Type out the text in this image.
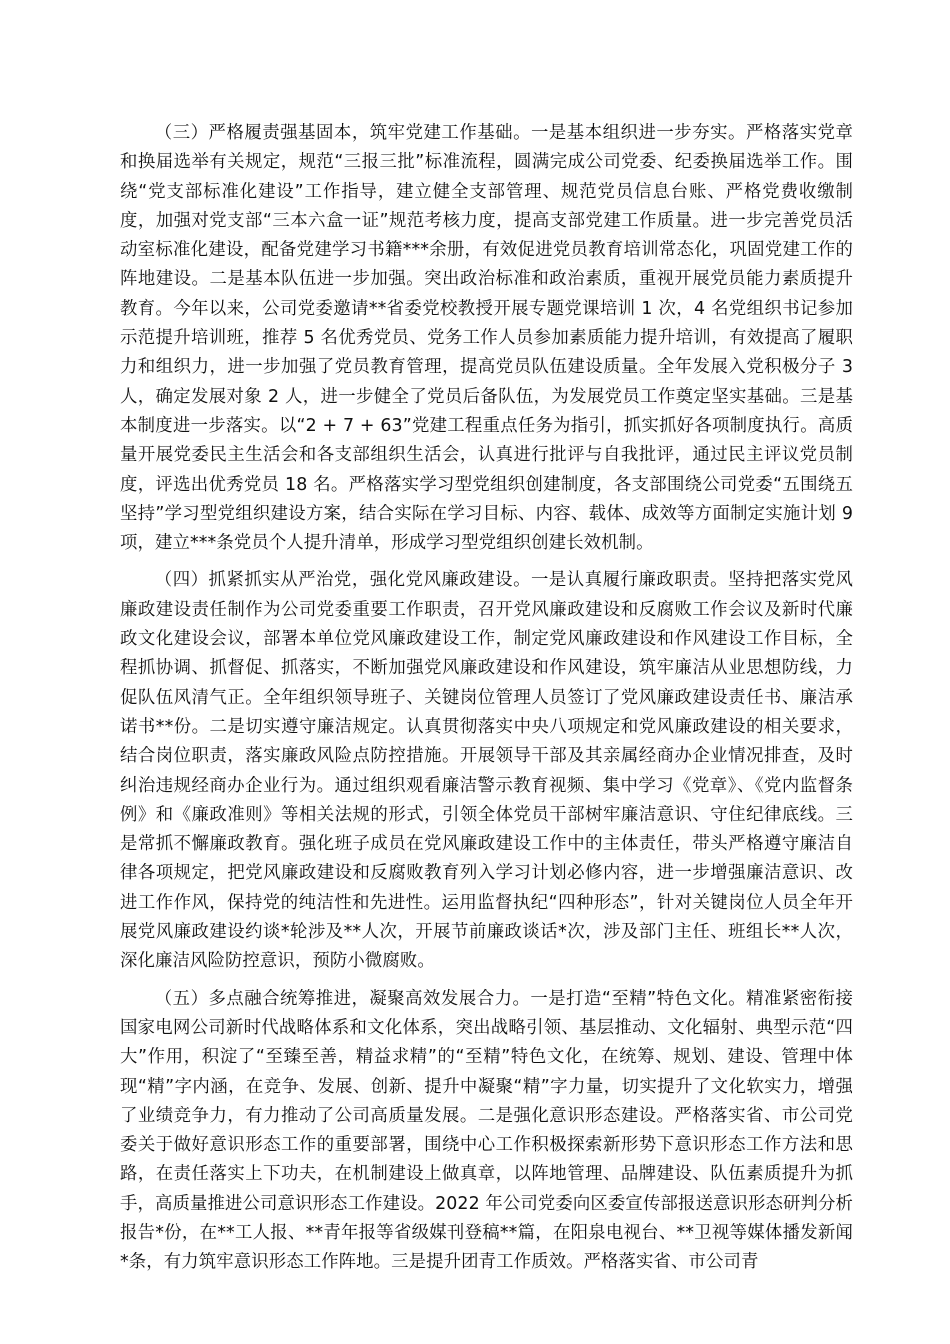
（三）严格履责强基固本，筑牢党建工作基础。一是基本组织进一步夯实。严格落实党章和换届选举有关规定，规范“三报三批”标准流程，圆满完成公司党委、纪委换届选举工作。围绕“党支部标准化建设”工作指导，建立健全支部管理、规范党员信息台账、严格党费收缴制度，加强对党支部“三本六盒一证”规范考核力度，提高支部党建工作质量。进一步完善党员活动室标准化建设，配备党建学习书籍***余册，有效促进党员教育培训常态化，巩固党建工作的阵地建设。二是基本队伍进一步加强。突出政治标准和政治素质，重视开展党员能力素质提升教育。今年以来，公司党委邀请**省委党校教授开展专题党课培训 1 次，4 名党组织书记参加示范提升培训班，推荐 5 名优秀党员、党务工作人员参加素质能力提升培训，有效提高了履职力和组织力，进一步加强了党员教育管理，提高党员队伍建设质量。全年发展入党积极分子 3 人，确定发展对象 2 人，进一步健全了党员后备队伍，为发展党员工作奠定坚实基础。三是基本制度进一步落实。以“2 + 7 + 63”党建工程重点任务为指引，抓实抓好各项制度执行。高质量开展党委民主生活会和各支部组织生活会，认真进行批评与自我批评，通过民主评议党员制度，评选出优秀党员 18 名。严格落实学习型党组织创建制度，各支部围绕公司党委“五围绕五坚持”学习型党组织建设方案，结合实际在学习目标、内容、载体、成效等方面制定实施计划 9 项，建立***条党员个人提升清单，形成学习型党组织创建长效机制。

（四）抓紧抓实从严治党，强化党风廉政建设。一是认真履行廉政职责。坚持把落实党风廉政建设责任制作为公司党委重要工作职责，召开党风廉政建设和反腐败工作会议及新时代廉政文化建设会议，部署本单位党风廉政建设工作，制定党风廉政建设和作风建设工作目标，全程抓协调、抓督促、抓落实，不断加强党风廉政建设和作风建设，筑牢廉洁从业思想防线，力促队伍风清气正。全年组织领导班子、关键岗位管理人员签订了党风廉政建设责任书、廉洁承诺书**份。二是切实遵守廉洁规定。认真贯彻落实中央八项规定和党风廉政建设的相关要求，结合岗位职责，落实廉政风险点防控措施。开展领导干部及其亲属经商办企业情况排查，及时纠治违规经商办企业行为。通过组织观看廉洁警示教育视频、集中学习《党章》、《党内监督条例》和《廉政准则》等相关法规的形式，引领全体党员干部树牢廉洁意识、守住纪律底线。三是常抓不懈廉政教育。强化班子成员在党风廉政建设工作中的主体责任，带头严格遵守廉洁自律各项规定，把党风廉政建设和反腐败教育列入学习计划必修内容，进一步增强廉洁意识、改进工作作风，保持党的纯洁性和先进性。运用监督执纪“四种形态”，针对关键岗位人员全年开展党风廉政建设约谈*轮涉及**人次，开展节前廉政谈话*次，涉及部门主任、班组长**人次，深化廉洁风险防控意识，预防小微腐败。

（五）多点融合统筹推进，凝聚高效发展合力。一是打造“至精”特色文化。精准紧密衔接国家电网公司新时代战略体系和文化体系，突出战略引领、基层推动、文化辐射、典型示范“四大”作用，积淀了“至臻至善，精益求精”的“至精”特色文化，在统筹、规划、建设、管理中体现“精”字内涵，在竞争、发展、创新、提升中凝聚“精”字力量，切实提升了文化软实力，增强了业绩竞争力，有力推动了公司高质量发展。二是强化意识形态建设。严格落实省、市公司党委关于做好意识形态工作的重要部署，围绕中心工作积极探索新形势下意识形态工作方法和思路，在责任落实上下功夫，在机制建设上做真章，以阵地管理、品牌建设、队伍素质提升为抓手，高质量推进公司意识形态工作建设。2022 年公司党委向区委宣传部报送意识形态研判分析报告*份，在**工人报、**青年报等省级媒刊登稿**篇，在阳泉电视台、**卫视等媒体播发新闻*条，有力筑牢意识形态工作阵地。三是提升团青工作质效。严格落实省、市公司青
